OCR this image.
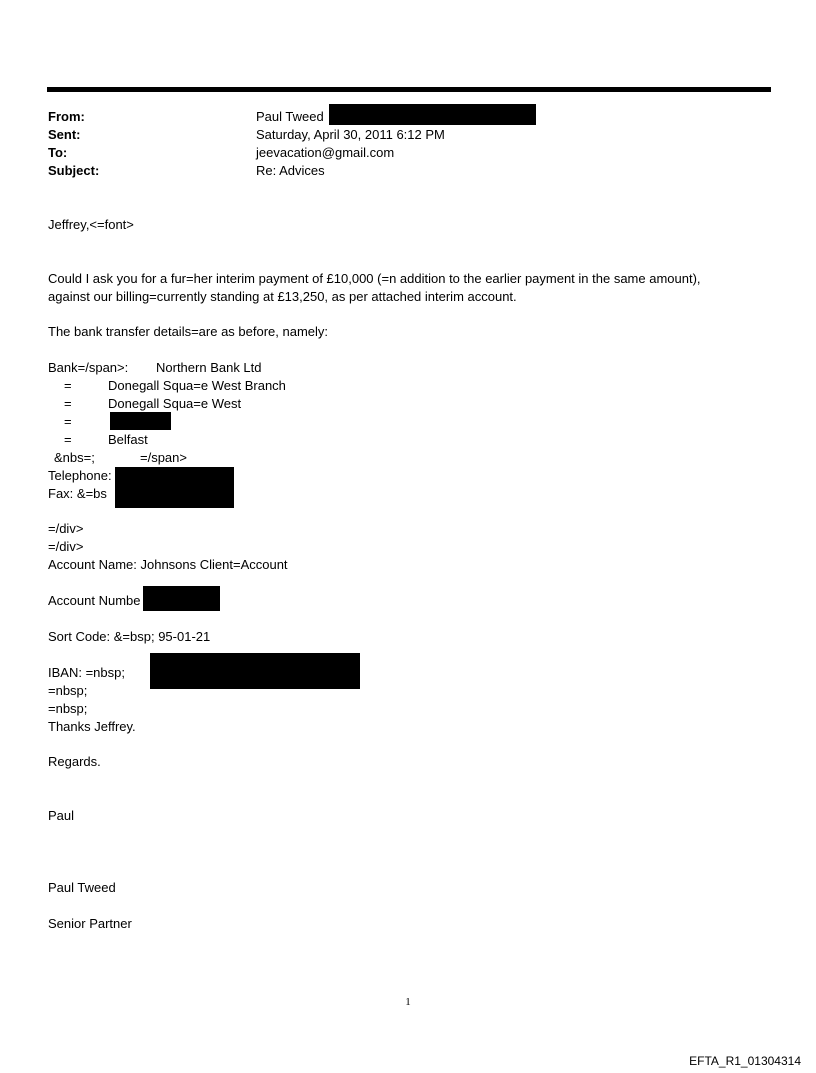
From:	Paul Tweed
Sent:	Saturday, April 30, 2011 6:12 PM
To:	jeevacation@gmail.com
Subject:	Re: Advices
Jeffrey,<=font>
Could I ask you for a fur=her interim payment of £10,000 (=n addition to the earlier payment in the same amount),
against our billing=currently standing at £13,250, as per attached interim account.
The bank transfer details=are as before, namely:
Bank=/span>: Northern Bank Ltd
=	Donegall Squa=e West Branch
=	Donegall Squa=e West
=
=	Belfast
&nbs=;	=/span>
Telephone:
Fax: &=bs
=/div>
=/div>
Account Name: Johnsons Client=Account
Account Numbe
Sort Code: &=bsp; 95-01-21
IBAN: =nbsp;
=nbsp;
=nbsp;
Thanks Jeffrey.
Regards.
Paul
Paul Tweed
Senior Partner
1
EFTA_R1_01304314
